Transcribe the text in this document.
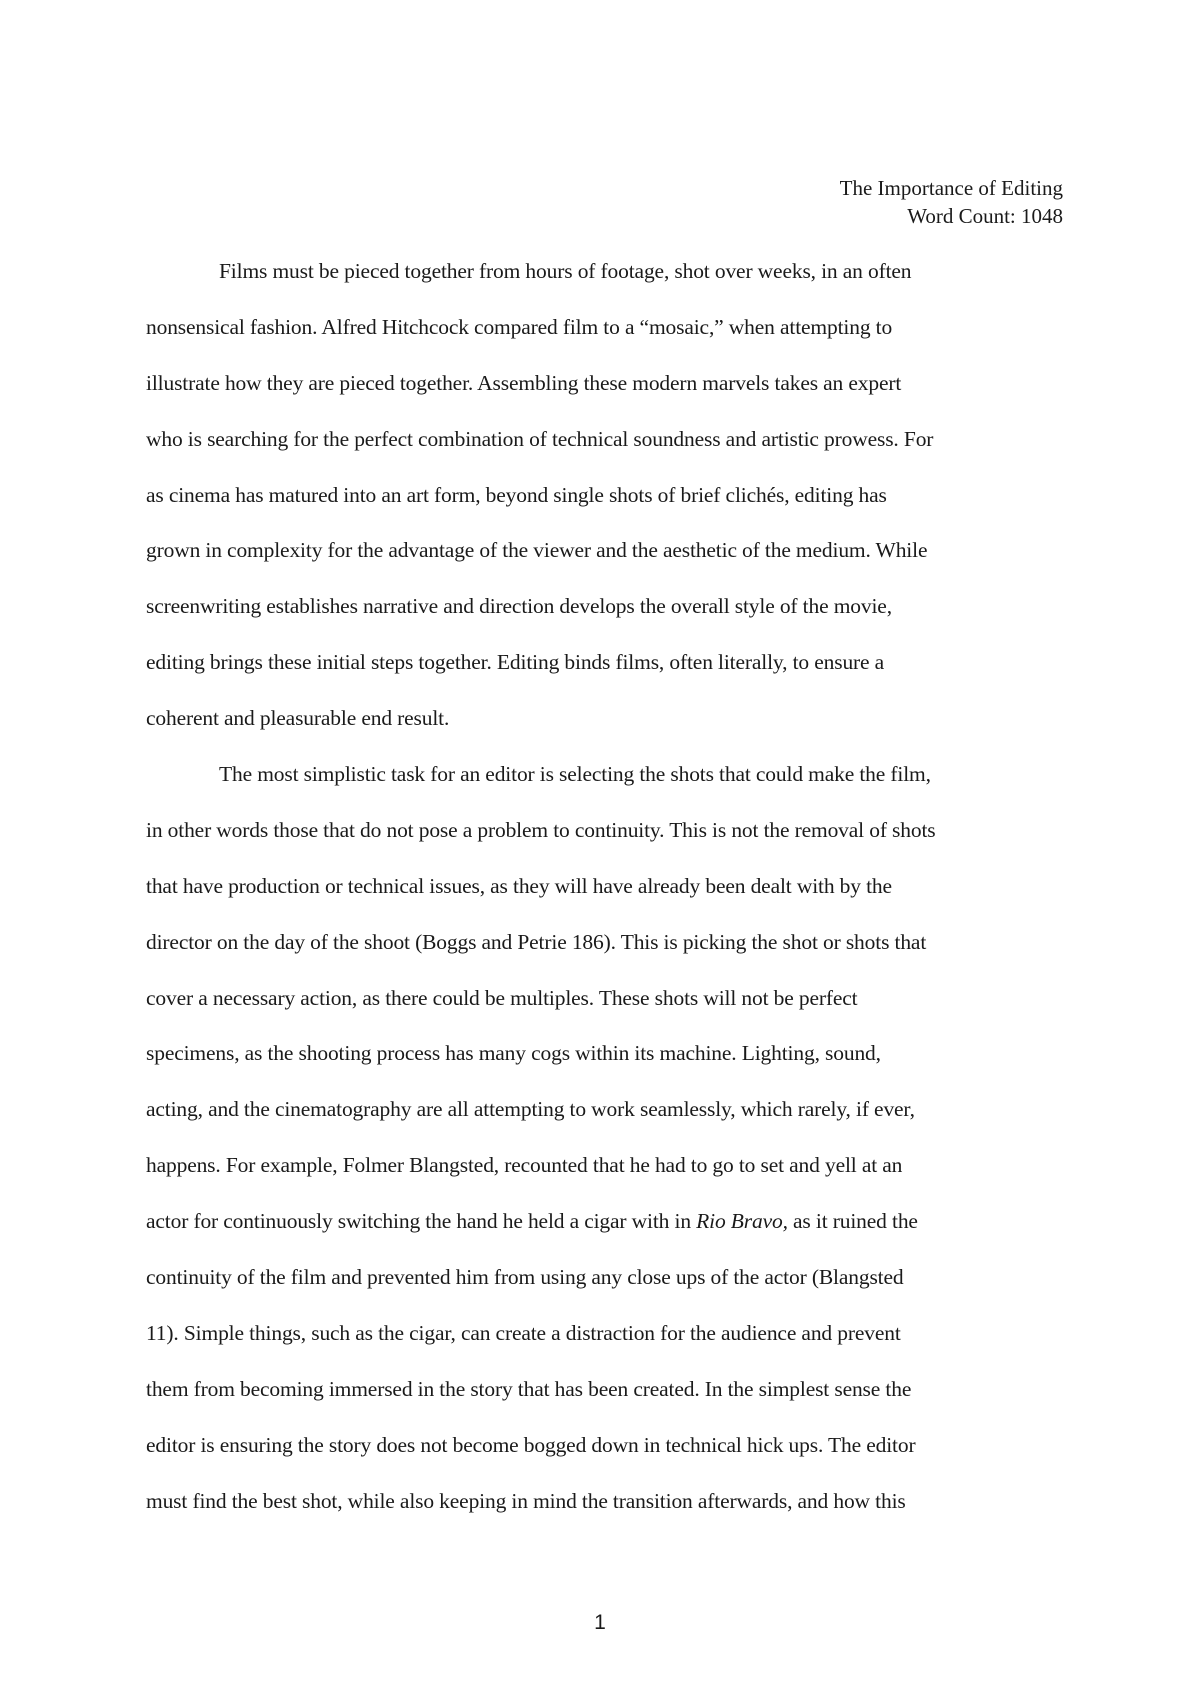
The Importance of Editing
Word Count: 1048
Films must be pieced together from hours of footage, shot over weeks, in an often
nonsensical fashion. Alfred Hitchcock compared film to a “mosaic,” when attempting to
illustrate how they are pieced together. Assembling these modern marvels takes an expert
who is searching for the perfect combination of technical soundness and artistic prowess. For
as cinema has matured into an art form, beyond single shots of brief clichés, editing has
grown in complexity for the advantage of the viewer and the aesthetic of the medium. While
screenwriting establishes narrative and direction develops the overall style of the movie,
editing brings these initial steps together. Editing binds films, often literally, to ensure a
coherent and pleasurable end result.
The most simplistic task for an editor is selecting the shots that could make the film,
in other words those that do not pose a problem to continuity. This is not the removal of shots
that have production or technical issues, as they will have already been dealt with by the
director on the day of the shoot (Boggs and Petrie 186). This is picking the shot or shots that
cover a necessary action, as there could be multiples. These shots will not be perfect
specimens, as the shooting process has many cogs within its machine. Lighting, sound,
acting, and the cinematography are all attempting to work seamlessly, which rarely, if ever,
happens. For example, Folmer Blangsted, recounted that he had to go to set and yell at an
actor for continuously switching the hand he held a cigar with in Rio Bravo, as it ruined the
continuity of the film and prevented him from using any close ups of the actor (Blangsted
11). Simple things, such as the cigar, can create a distraction for the audience and prevent
them from becoming immersed in the story that has been created. In the simplest sense the
editor is ensuring the story does not become bogged down in technical hick ups. The editor
must find the best shot, while also keeping in mind the transition afterwards, and how this
1
